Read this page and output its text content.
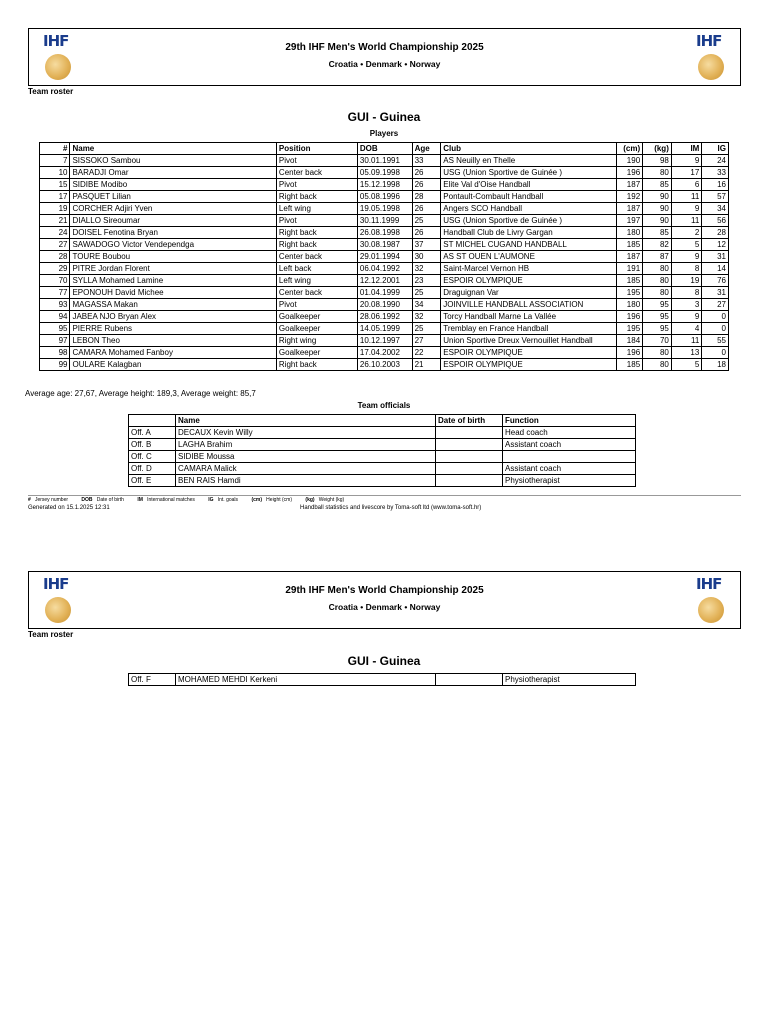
IHF	29th IHF Men's World Championship 2025
Croatia • Denmark • Norway
IHF
Team roster
GUI - Guinea
Players
#	Name	Position	DOB	Age	Club	(cm)	(kg)	IM	IG
7	SISSOKO Sambou	Pivot	30.01.1991	33	AS Neuilly en Thelle	190	98	9	24
10	BARADJI Omar	Center back	05.09.1998	26	USG (Union Sportive de Guinée )	196	80	17	33
15	SIDIBE Modibo	Pivot	15.12.1998	26	Elite Val d'Oise Handball	187	85	6	16
17	PASQUET Lilian	Right back	05.08.1996	28	Pontault-Combault Handball	192	90	11	57
19	CORCHER Adjiri Yven	Left wing	19.05.1998	26	Angers SCO Handball	187	90	9	34
21	DIALLO Sireoumar	Pivot	30.11.1999	25	USG (Union Sportive de Guinée )	197	90	11	56
24	DOISEL Fenotina Bryan	Right back	26.08.1998	26	Handball Club de Livry Gargan	180	85	2	28
27	SAWADOGO Victor Vendependga	Right back	30.08.1987	37	ST MICHEL CUGAND HANDBALL	185	82	5	12
28	TOURE Boubou	Center back	29.01.1994	30	AS ST OUEN L'AUMONE	187	87	9	31
29	PITRE Jordan Florent	Left back	06.04.1992	32	Saint-Marcel Vernon HB	191	80	8	14
70	SYLLA Mohamed Lamine	Left wing	12.12.2001	23	ESPOIR OLYMPIQUE	185	80	19	76
77	EPONOUH David Michee	Center back	01.04.1999	25	Draguignan Var	195	80	8	31
93	MAGASSA Makan	Pivot	20.08.1990	34	JOINVILLE HANDBALL ASSOCIATION	180	95	3	27
94	JABEA NJO Bryan Alex	Goalkeeper	28.06.1992	32	Torcy Handball Marne La Vallée	196	95	9	0
95	PIERRE Rubens	Goalkeeper	14.05.1999	25	Tremblay en France Handball	195	95	4	0
97	LEBON Theo	Right wing	10.12.1997	27	Union Sportive Dreux Vernouillet Handball	184	70	11	55
98	CAMARA Mohamed Fanboy	Goalkeeper	17.04.2002	22	ESPOIR OLYMPIQUE	196	80	13	0
99	OULARE Kalagban	Right back	26.10.2003	21	ESPOIR OLYMPIQUE	185	80	5	18
Average age: 27,67, Average height: 189,3, Average weight: 85,7
Team officials
	Name	Date of birth	Function
Off. A	DECAUX Kevin Willy		Head coach
Off. B	LAGHA Brahim		Assistant coach
Off. C	SIDIBE Moussa		
Off. D	CAMARA Malick		Assistant coach
Off. E	BEN RAIS Hamdi		Physiotherapist
# Jersey number	DOB Date of birth	IM International matches	IG Int. goals	(cm) Height (cm)	(kg) Weight (kg)
Generated on 15.1.2025 12:31	Handball statistics and livescore by Toma-soft ltd (www.toma-soft.hr)
IHF	29th IHF Men's World Championship 2025
Croatia • Denmark • Norway
IHF
Team roster
GUI - Guinea
Off. F	MOHAMED MEHDI Kerkeni		Physiotherapist
